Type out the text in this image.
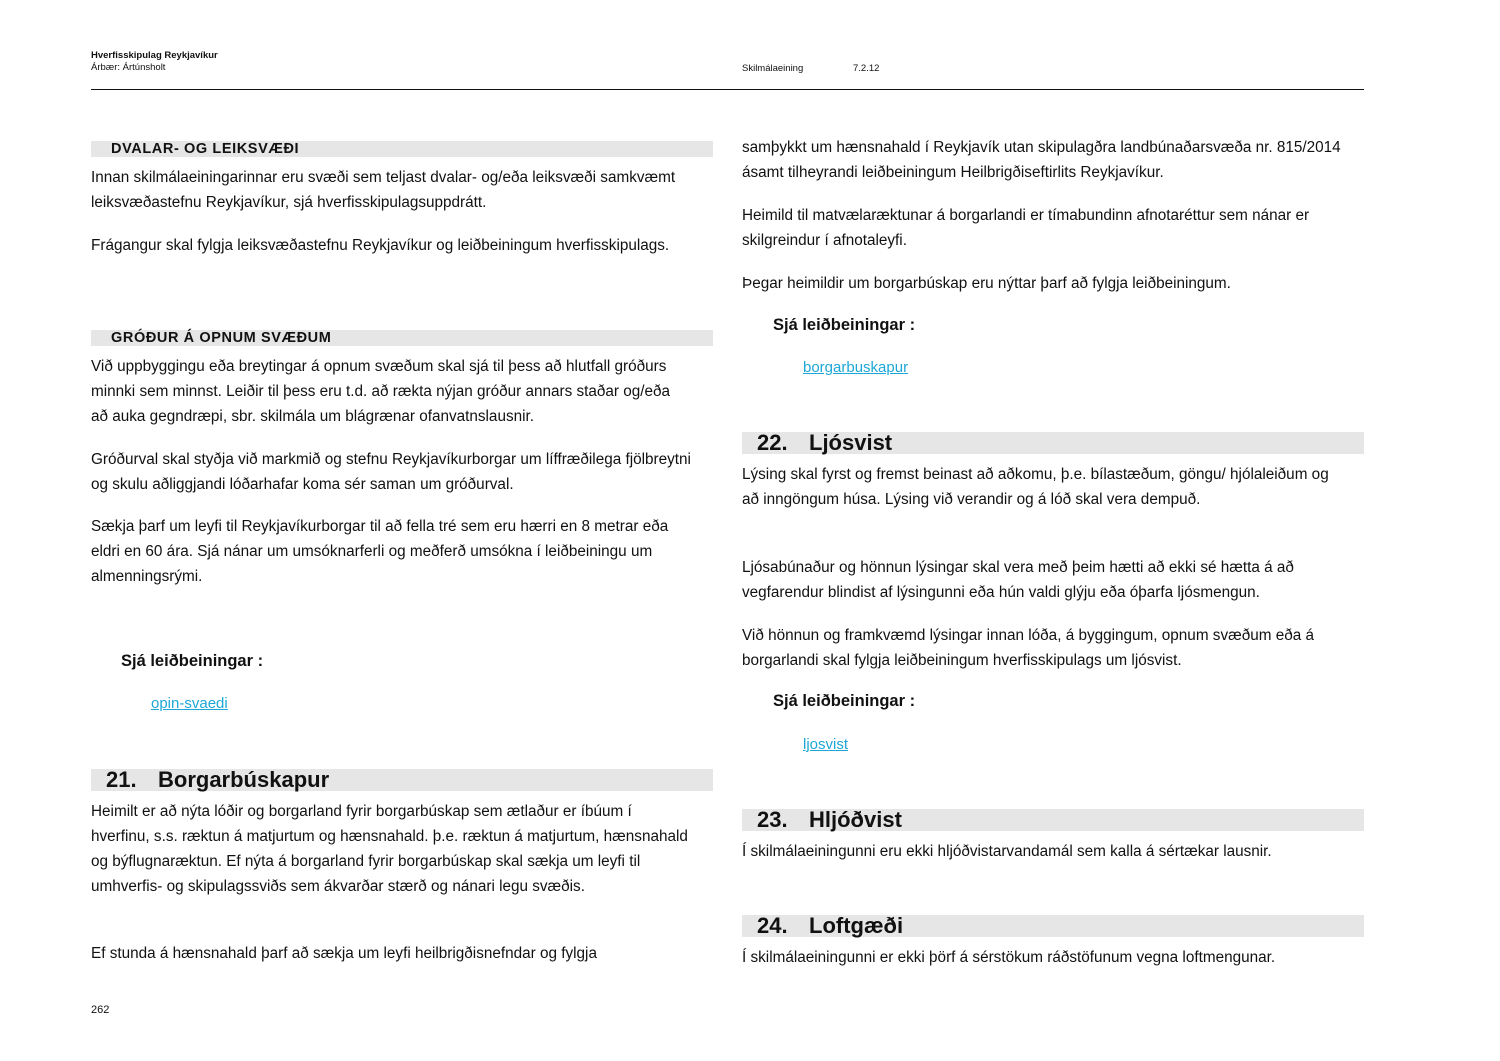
Hverfisskipulag Reykjavíkur
Árbær: Ártúnsholt	Skilmálaeining	7.2.12
DVALAR- OG LEIKSVÆÐI

Innan skilmálaeiningarinnar eru svæði sem teljast dvalar- og/eða leiksvæði samkvæmt leiksvæðastefnu Reykjavíkur, sjá hverfisskipulagsuppdrátt.

Frágangur skal fylgja leiksvæðastefnu Reykjavíkur og leiðbeiningum hverfisskipulags.

GRÓÐUR Á OPNUM SVÆÐUM

Við uppbyggingu eða breytingar á opnum svæðum skal sjá til þess að hlutfall gróðurs minnki sem minnst. Leiðir til þess eru t.d. að rækta nýjan gróður annars staðar og/eða að auka gegndræpi, sbr. skilmála um blágrænar ofanvatnslausnir.

Gróðurval skal styðja við markmið og stefnu Reykjavíkurborgar um líffræðilega fjölbreytni og skulu aðliggjandi lóðarhafar koma sér saman um gróðurval.

Sækja þarf um leyfi til Reykjavíkurborgar til að fella tré sem eru hærri en 8 metrar eða eldri en 60 ára. Sjá nánar um umsóknarferli og meðferð umsókna í leiðbeiningu um almenningsrými.

Sjá leiðbeiningar :
opin-svaedi
21. Borgarbúskapur

Heimilt er að nýta lóðir og borgarland fyrir borgarbúskap sem ætlaður er íbúum í hverfinu, s.s. ræktun á matjurtum og hænsnahald. þ.e. ræktun á matjurtum, hænsnahald og býflugnaræktun. Ef nýta á borgarland fyrir borgarbúskap skal sækja um leyfi til umhverfis- og skipulagssviðs sem ákvarðar stærð og nánari legu svæðis.

Ef stunda á hænsnahald þarf að sækja um leyfi heilbrigðisnefndar og fylgja

samþykkt um hænsnahald í Reykjavík utan skipulagðra landbúnaðarsvæða nr. 815/2014 ásamt tilheyrandi leiðbeiningum Heilbrigðiseftirlits Reykjavíkur.

Heimild til matvælaræktunar á borgarlandi er tímabundinn afnotaréttur sem nánar er skilgreindur í afnotaleyfi.

Þegar heimildir um borgarbúskap eru nýttar þarf að fylgja leiðbeiningum.

Sjá leiðbeiningar :
borgarbuskapur
22. Ljósvist

Lýsing skal fyrst og fremst beinast að aðkomu, þ.e. bílastæðum, göngu/ hjólaleiðum og að inngöngum húsa. Lýsing við verandir og á lóð skal vera dempuð.

Ljósabúnaður og hönnun lýsingar skal vera með þeim hætti að ekki sé hætta á að vegfarendur blindist af lýsingunni eða hún valdi glýju eða óþarfa ljósmengun.

Við hönnun og framkvæmd lýsingar innan lóða, á byggingum, opnum svæðum eða á borgarlandi skal fylgja leiðbeiningum hverfisskipulags um ljósvist.

Sjá leiðbeiningar :
ljosvist
23. Hljóðvist

Í skilmálaeiningunni eru ekki hljóðvistarvandamál sem kalla á sértækar lausnir.

24. Loftgæði

Í skilmálaeiningunni er ekki þörf á sérstökum ráðstöfunum vegna loftmengunar.

262
